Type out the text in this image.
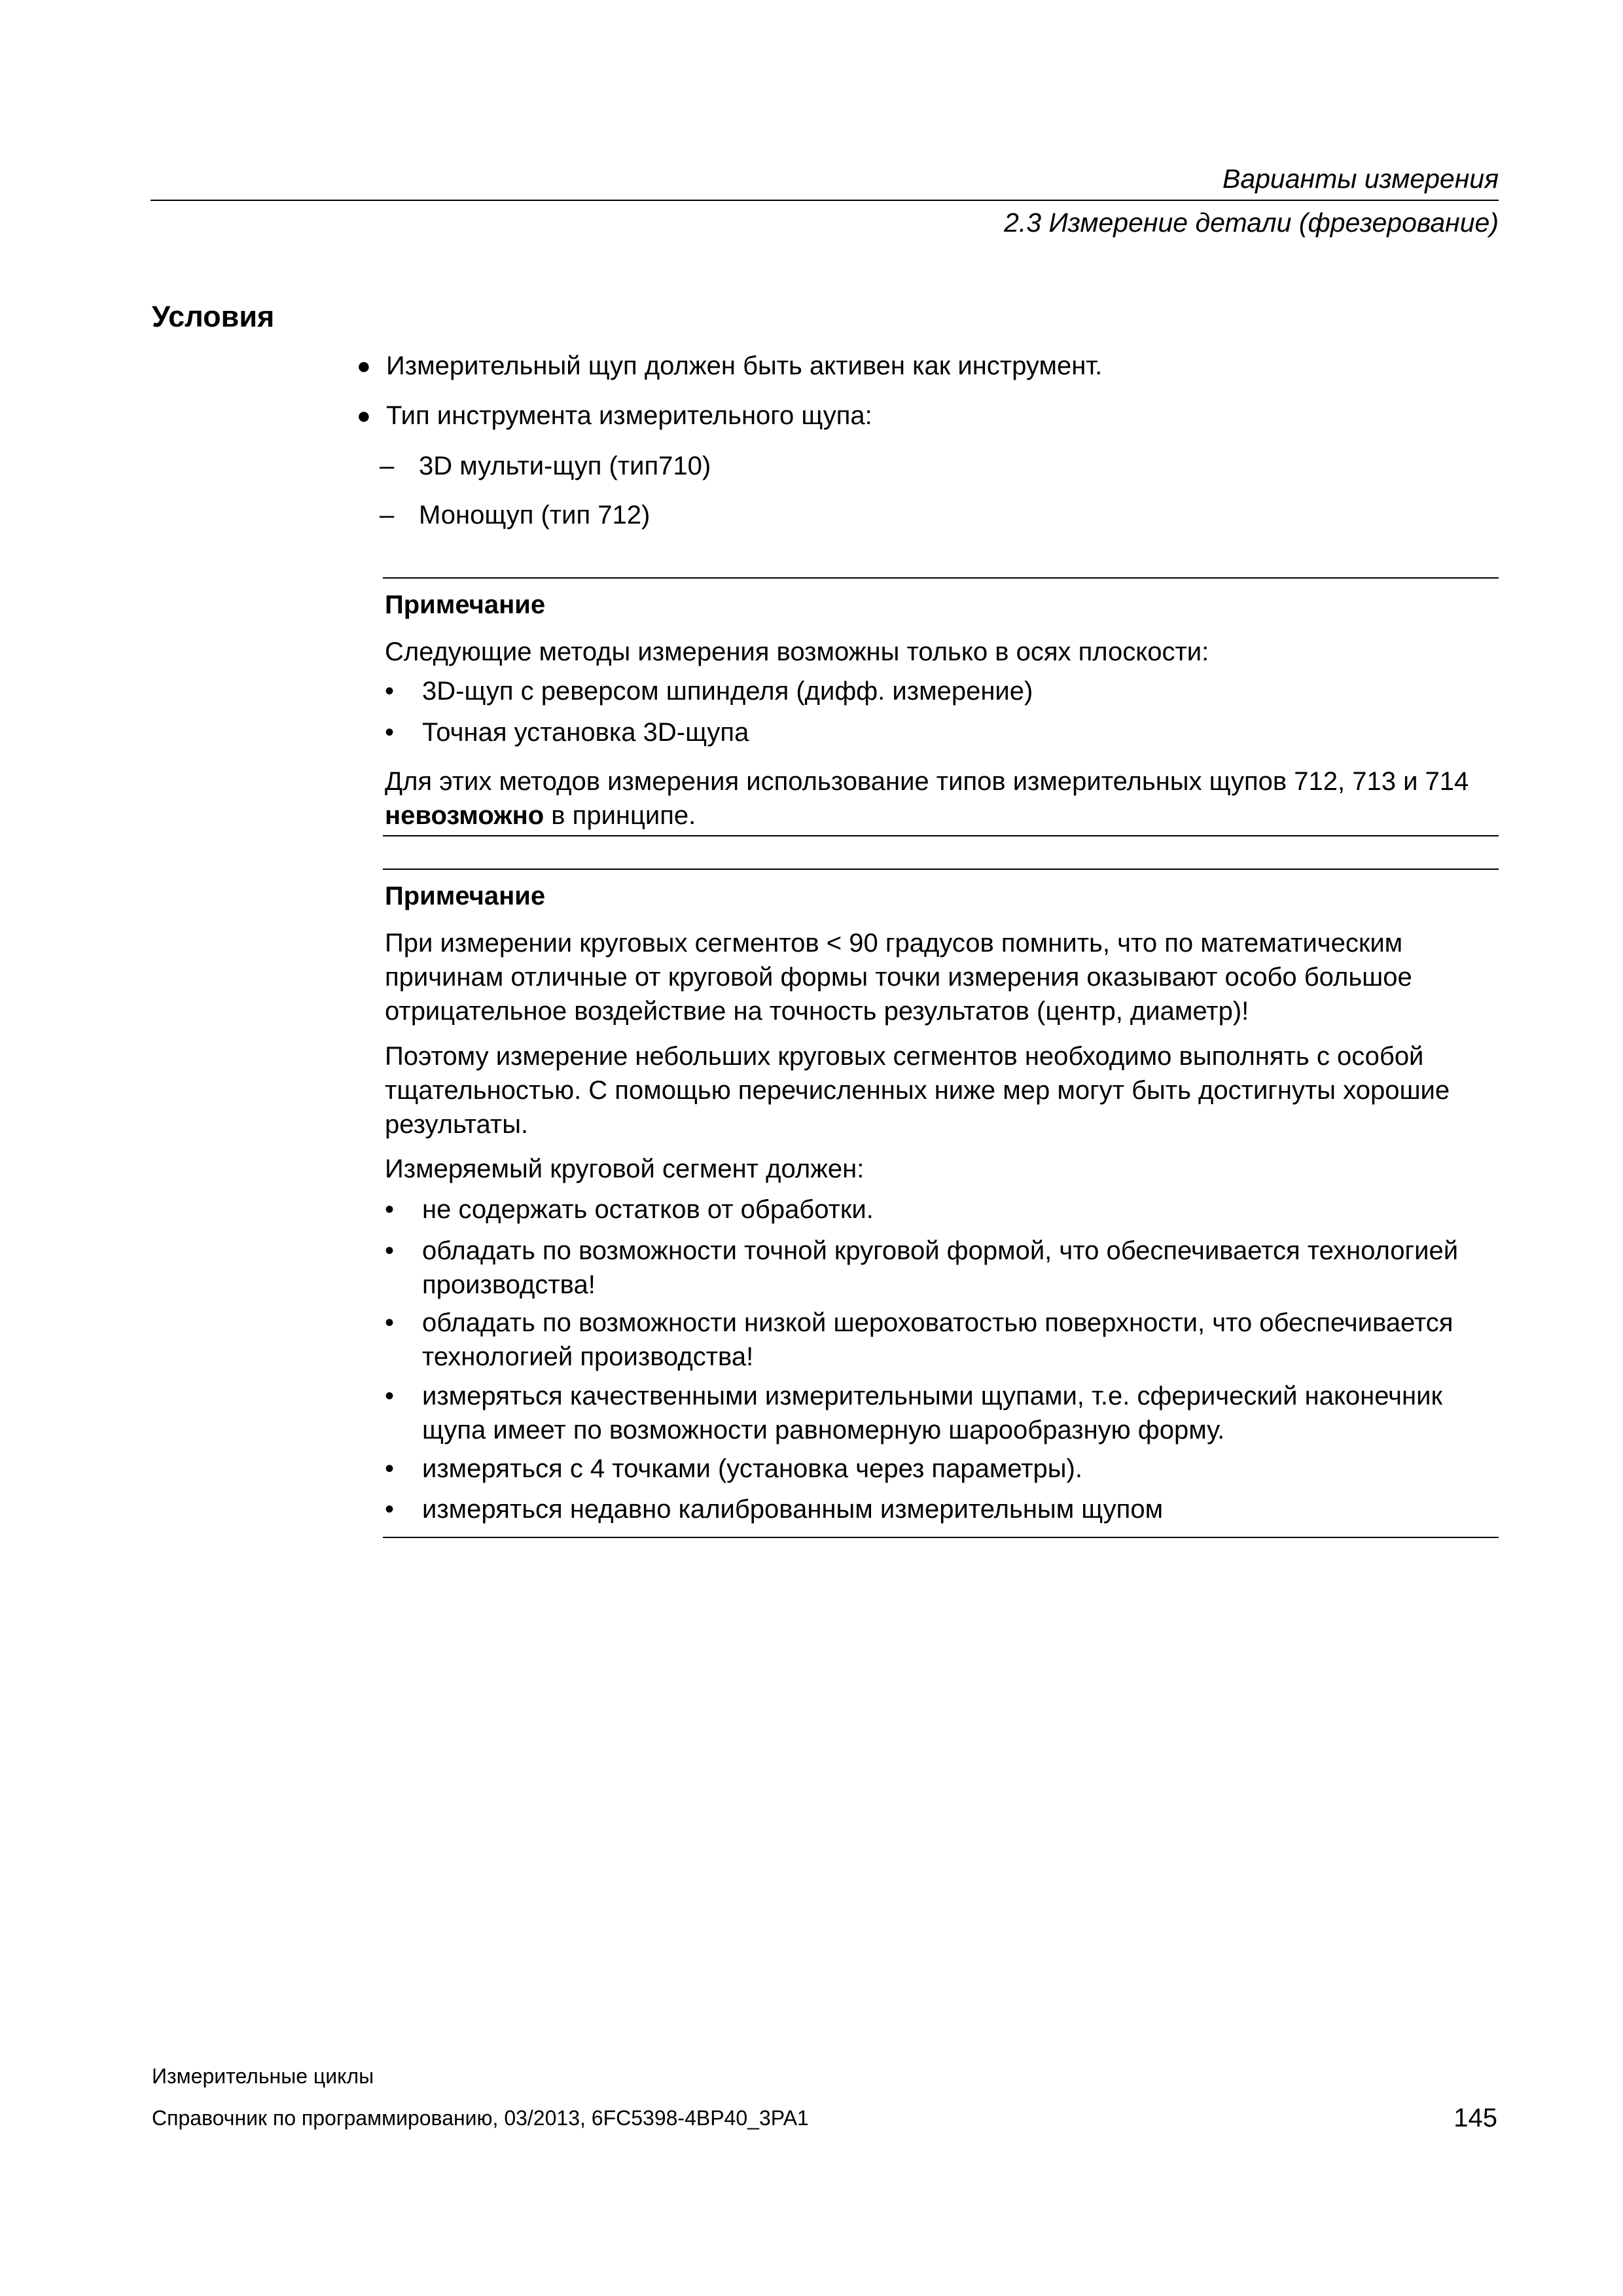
Варианты измерения
2.3 Измерение детали (фрезерование)
Условия
● Измерительный щуп должен быть активен как инструмент.
● Тип инструмента измерительного щупа:
– 3D мульти-щуп (тип710)
– Монощуп (тип 712)
Примечание
Следующие методы измерения возможны только в осях плоскости:
• 3D-щуп с реверсом шпинделя (дифф. измерение)
• Точная установка 3D-щупа
Для этих методов измерения использование типов измерительных щупов 712, 713 и 714 невозможно в принципе.
Примечание
При измерении круговых сегментов < 90 градусов помнить, что по математическим причинам отличные от круговой формы точки измерения оказывают особо большое отрицательное воздействие на точность результатов (центр, диаметр)!
Поэтому измерение небольших круговых сегментов необходимо выполнять с особой тщательностью. С помощью перечисленных ниже мер могут быть достигнуты хорошие результаты.
Измеряемый круговой сегмент должен:
• не содержать остатков от обработки.
• обладать по возможности точной круговой формой, что обеспечивается технологией производства!
• обладать по возможности низкой шероховатостью поверхности, что обеспечивается технологией производства!
• измеряться качественными измерительными щупами, т.е. сферический наконечник щупа имеет по возможности равномерную шарообразную форму.
• измеряться с 4 точками (установка через параметры).
• измеряться недавно калиброванным измерительным щупом
Измерительные циклы
Справочник по программированию, 03/2013, 6FC5398-4BP40_3PA1	145
